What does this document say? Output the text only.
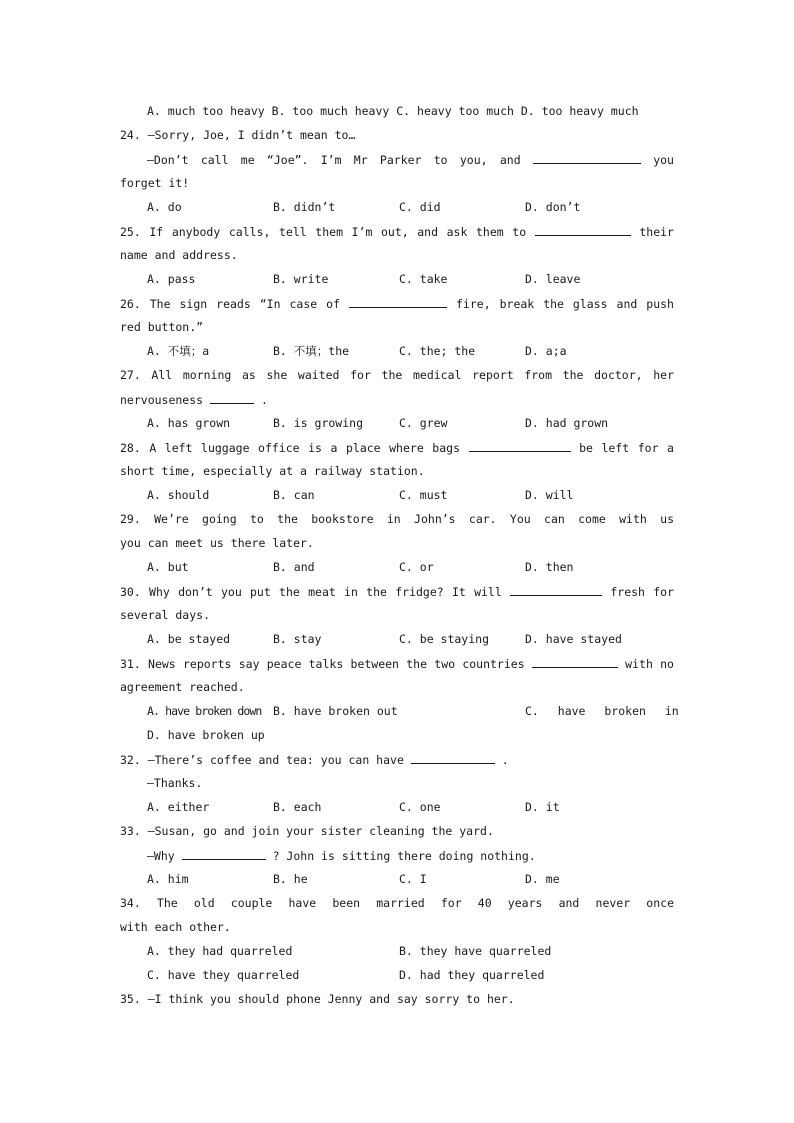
A. much too heavy B. too much heavy C. heavy too much D. too heavy much
24. —Sorry, Joe, I didn’t mean to…
—Don’t call me “Joe”. I’m Mr Parker to you, and	you
forget it!
A. do	B. didn’t	C. did	D. don’t
25. If anybody calls, tell them I’m out, and ask them to	their
name and address.
A. pass	B. write	C. take	D. leave
26. The sign reads “In case of	fire, break the glass and push
red button.”
A. 不填；a	B. 不填；the	C. the; the	D. a;a
27. All morning as she waited for the medical report from the doctor, her
nervouseness	.
A. has grown	B. is growing	C. grew	D. had grown
28. A left luggage office is a place where bags	be left for a
short time, especially at a railway station.
A. should	B. can	C. must	D. will
29. We’re going to the bookstore in John’s car. You can come with us
you can meet us there later.
A. but	B. and	C. or	D. then
30. Why don’t you put the meat in the fridge? It will	fresh for
several days.
A. be stayed	B. stay	C. be staying	D. have stayed
31. News reports say peace talks between the two countries	with no
agreement reached.
A. have broken down B. have broken out	C. have broken in
D. have broken up
32. —There’s coffee and tea: you can have	.
—Thanks.
A. either	B. each	C. one	D. it
33. —Susan, go and join your sister cleaning the yard.
—Why	? John is sitting there doing nothing.
A. him	B. he	C. I	D. me
34. The old couple have been married for 40 years and never once
with each other.
A. they had quarreled	B. they have quarreled
C. have they quarreled	D. had they quarreled
35. —I think you should phone Jenny and say sorry to her.
